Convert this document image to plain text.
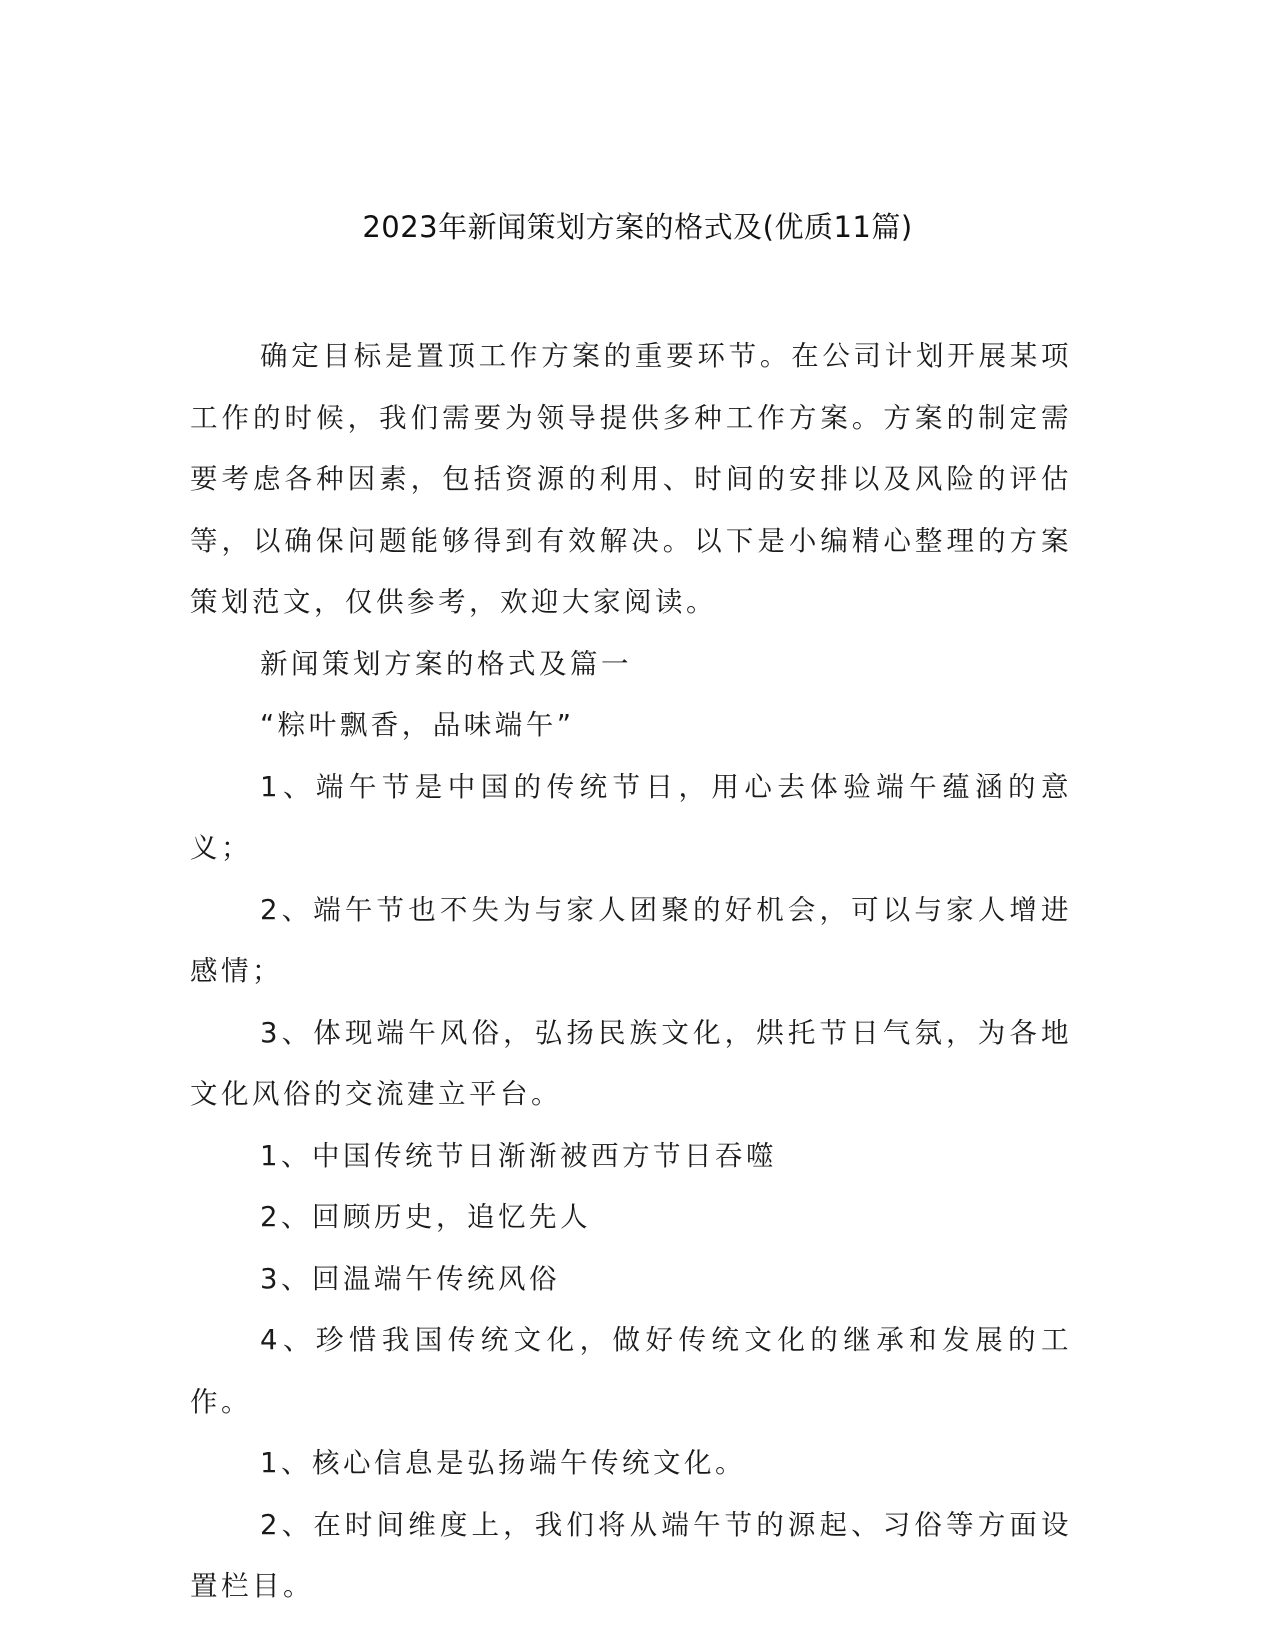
2023年新闻策划方案的格式及(优质11篇)

确定目标是置顶工作方案的重要环节。在公司计划开展某项工作的时候，我们需要为领导提供多种工作方案。方案的制定需要考虑各种因素，包括资源的利用、时间的安排以及风险的评估等，以确保问题能够得到有效解决。以下是小编精心整理的方案策划范文，仅供参考，欢迎大家阅读。

新闻策划方案的格式及篇一

“粽叶飘香，品味端午”

1、端午节是中国的传统节日，用心去体验端午蕴涵的意义；

2、端午节也不失为与家人团聚的好机会，可以与家人增进感情；

3、体现端午风俗，弘扬民族文化，烘托节日气氛，为各地文化风俗的交流建立平台。

1、中国传统节日渐渐被西方节日吞噬

2、回顾历史，追忆先人

3、回温端午传统风俗

4、珍惜我国传统文化，做好传统文化的继承和发展的工作。

1、核心信息是弘扬端午传统文化。

2、在时间维度上，我们将从端午节的源起、习俗等方面设置栏目。
